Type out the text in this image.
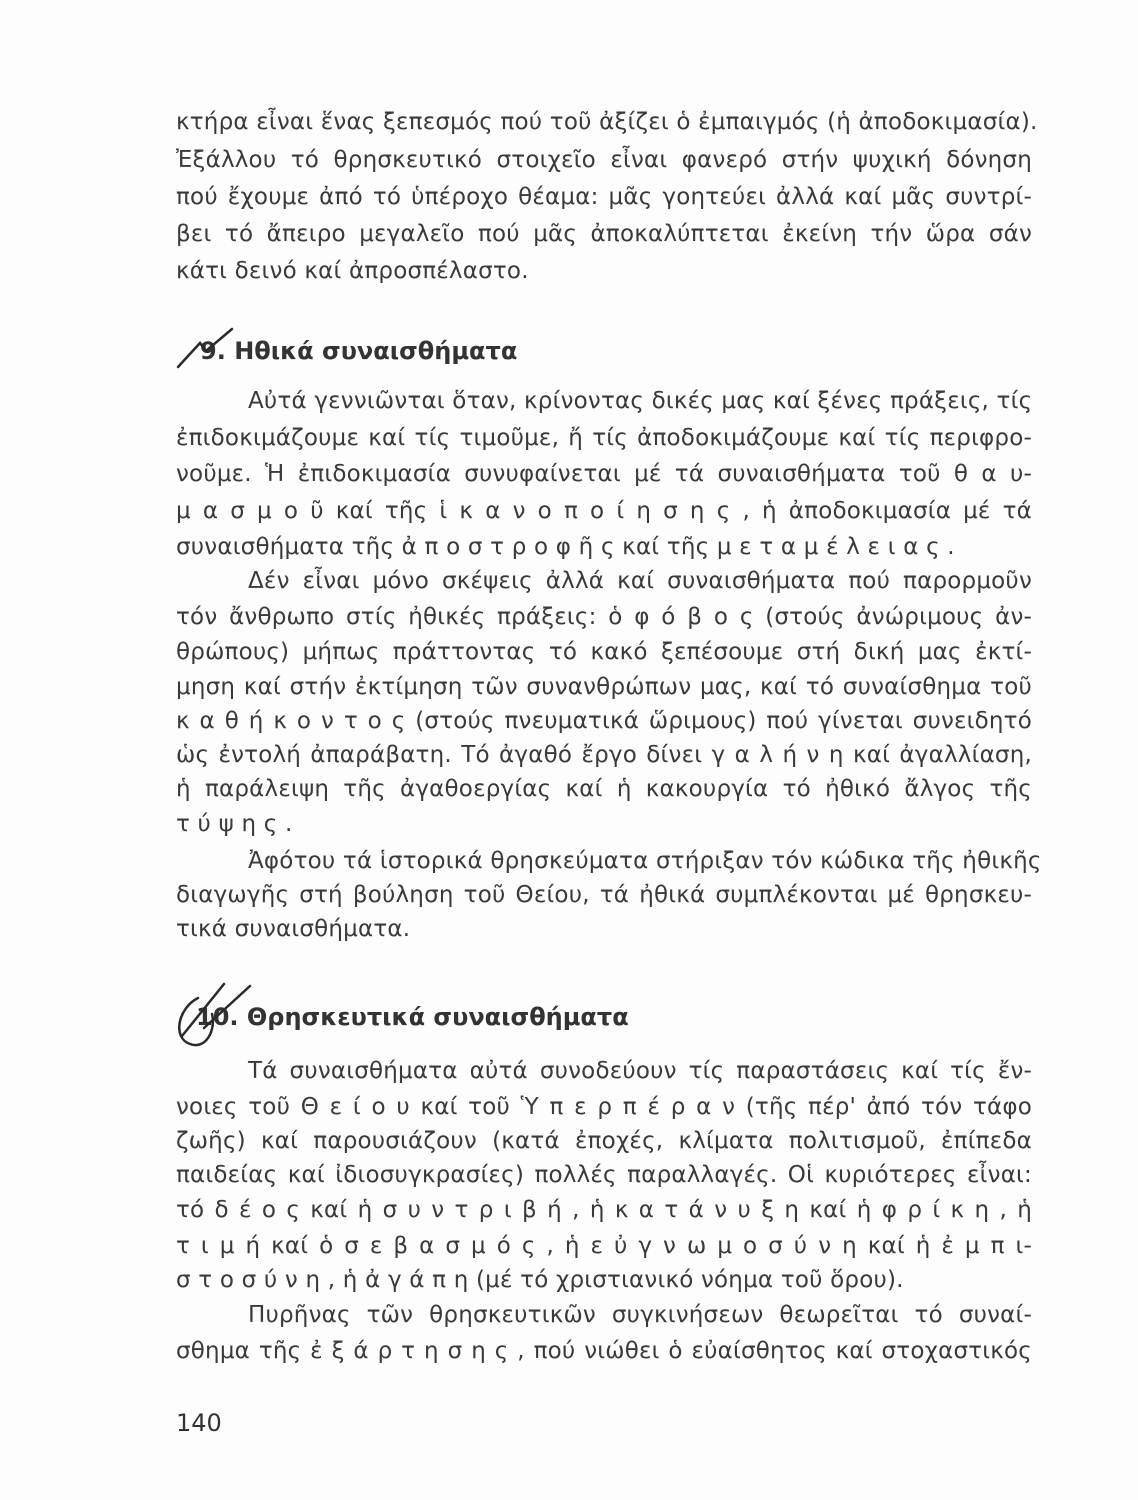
κτήρα εἶναι ἕνας ξεπεσμός πού τοῦ ἀξίζει ὁ ἐμπαιγμός (ἡ ἀποδοκιμασία).
Ἐξάλλου τό θρησκευτικό στοιχεῖο εἶναι φανερό στήν ψυχική δόνηση
πού ἔχουμε ἀπό τό ὑπέροχο θέαμα: μᾶς γοητεύει ἀλλά καί μᾶς συντρί-
βει τό ἄπειρο μεγαλεῖο πού μᾶς ἀποκαλύπτεται ἐκείνη τήν ὥρα σάν
κάτι δεινό καί ἀπροσπέλαστο.
9. Ηθικά συναισθήματα
Αὐτά γεννιῶνται ὅταν, κρίνοντας δικές μας καί ξένες πράξεις, τίς
ἐπιδοκιμάζουμε καί τίς τιμοῦμε, ἤ τίς ἀποδοκιμάζουμε καί τίς περιφρο-
νοῦμε. Ἡ ἐπιδοκιμασία συνυφαίνεται μέ τά συναισθήματα τοῦ θ α υ-
μ α σ μ ο ῦ καί τῆς ἱ κ α ν ο π ο ί η σ η ς , ἡ ἀποδοκιμασία μέ τά
συναισθήματα τῆς ἀ π ο σ τ ρ ο φ ῆ ς καί τῆς μ ε τ α μ έ λ ε ι α ς .
Δέν εἶναι μόνο σκέψεις ἀλλά καί συναισθήματα πού παρορμοῦν
τόν ἄνθρωπο στίς ἠθικές πράξεις: ὁ φ ό β ο ς (στούς ἀνώριμους ἀν-
θρώπους) μήπως πράττοντας τό κακό ξεπέσουμε στή δική μας ἐκτί-
μηση καί στήν ἐκτίμηση τῶν συνανθρώπων μας, καί τό συναίσθημα τοῦ
κ α θ ή κ ο ν τ ο ς (στούς πνευματικά ὥριμους) πού γίνεται συνειδητό
ὡς ἐντολή ἀπαράβατη. Τό ἀγαθό ἔργο δίνει γ α λ ή ν η καί ἀγαλλίαση,
ἡ παράλειψη τῆς ἀγαθοεργίας καί ἡ κακουργία τό ἠθικό ἄλγος τῆς
τ ύ ψ η ς .
Ἀφότου τά ἱστορικά θρησκεύματα στήριξαν τόν κώδικα τῆς ἠθικῆς
διαγωγῆς στή βούληση τοῦ Θείου, τά ἠθικά συμπλέκονται μέ θρησκευ-
τικά συναισθήματα.
10. Θρησκευτικά συναισθήματα
Τά συναισθήματα αὐτά συνοδεύουν τίς παραστάσεις καί τίς ἔν-
νοιες τοῦ Θ ε ί ο υ καί τοῦ Ὑ π ε ρ π έ ρ α ν (τῆς πέρ' ἀπό τόν τάφο
ζωῆς) καί παρουσιάζουν (κατά ἐποχές, κλίματα πολιτισμοῦ, ἐπίπεδα
παιδείας καί ἰδιοσυγκρασίες) πολλές παραλλαγές. Οἱ κυριότερες εἶναι:
τό δ έ ο ς καί ἡ σ υ ν τ ρ ι β ή , ἡ κ α τ ά ν υ ξ η καί ἡ φ ρ ί κ η , ἡ
τ ι μ ή καί ὁ σ ε β α σ μ ό ς , ἡ ε ὐ γ ν ω μ ο σ ύ ν η καί ἡ ἐ μ π ι-
σ τ ο σ ύ ν η , ἡ ἀ γ ά π η (μέ τό χριστιανικό νόημα τοῦ ὅρου).
Πυρῆνας τῶν θρησκευτικῶν συγκινήσεων θεωρεῖται τό συναί-
σθημα τῆς ἐ ξ ά ρ τ η σ η ς , πού νιώθει ὁ εὐαίσθητος καί στοχαστικός
140
